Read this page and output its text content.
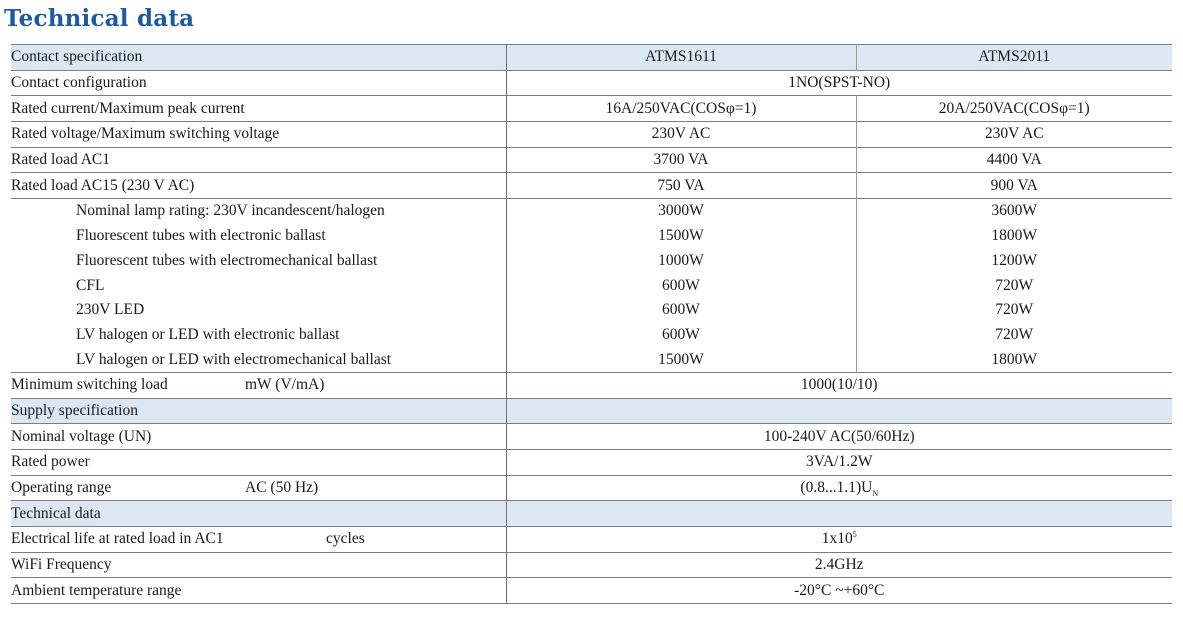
Technical data
Contact specification	ATMS1611	ATMS2011
Contact configuration	1NO(SPST-NO)	
Rated current/Maximum peak current	16A/250VAC(COSφ=1)	20A/250VAC(COSφ=1)
Rated voltage/Maximum switching voltage	230V AC	230V AC
Rated load AC1	3700 VA	4400 VA
Rated load AC15 (230 V AC)	750 VA	900 VA
Nominal lamp rating: 230V incandescent/halogen	3000W	3600W
Fluorescent tubes with electronic ballast	1500W	1800W
Fluorescent tubes with electromechanical ballast	1000W	1200W
CFL	600W	720W
230V LED	600W	720W
LV halogen or LED with electronic ballast	600W	720W
LV halogen or LED with electromechanical ballast	1500W	1800W
Minimum switching load mW (V/mA)	1000(10/10)	
Supply specification		
Nominal voltage (UN)	100-240V AC(50/60Hz)	
Rated power	3VA/1.2W	
Operating range AC (50 Hz)	$(0.8...1.1)U_N$
Technical data		
Electrical life at rated load in AC1 cycles	$1x10^5$
WiFi Frequency	2.4GHz	
Ambient temperature range	-20°C ~+60°C	
